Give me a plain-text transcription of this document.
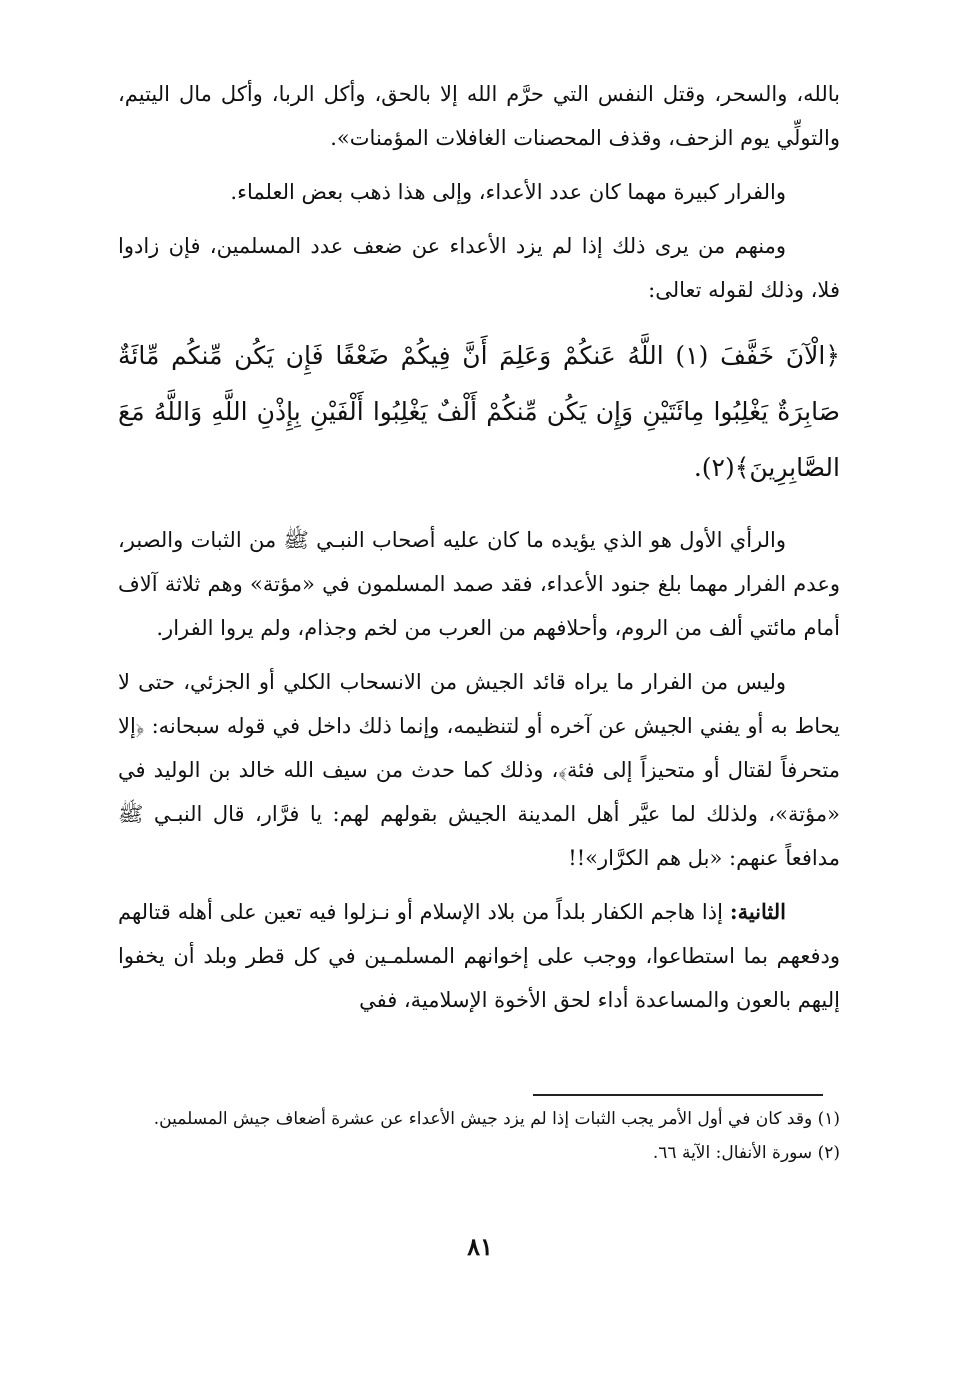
بالله، والسحر، وقتل النفس التي حرَّم الله إلا بالحق، وأكل الربا، وأكل مال اليتيم، والتولِّي يوم الزحف، وقذف المحصنات الغافلات المؤمنات».

والفرار كبيرة مهما كان عدد الأعداء، وإلى هذا ذهب بعض العلماء.

ومنهم من يرى ذلك إذا لم يزد الأعداء عن ضعف عدد المسلمين، فإن زادوا فلا، وذلك لقوله تعالى:

﴿الْآنَ خَفَّفَ (١) اللَّهُ عَنكُمْ وَعَلِمَ أَنَّ فِيكُمْ ضَعْفًا فَإِن يَكُن مِّنكُم مِّائَةٌ صَابِرَةٌ يَغْلِبُوا مِائَتَيْنِ وَإِن يَكُن مِّنكُمْ أَلْفٌ يَغْلِبُوا أَلْفَيْنِ بِإِذْنِ اللَّهِ وَاللَّهُ مَعَ الصَّابِرِينَ﴾(٢).

والرأي الأول هو الذي يؤيده ما كان عليه أصحاب النبـي ﷺ من الثبات والصبر، وعدم الفرار مهما بلغ جنود الأعداء، فقد صمد المسلمون في «مؤتة» وهم ثلاثة آلاف أمام مائتي ألف من الروم، وأحلافهم من العرب من لخم وجذام، ولم يروا الفرار.

وليس من الفرار ما يراه قائد الجيش من الانسحاب الكلي أو الجزئي، حتى لا يحاط به أو يفني الجيش عن آخره أو لتنظيمه، وإنما ذلك داخل في قوله سبحانه: ﴿إلا متحرفاً لقتال أو متحيزاً إلى فئة﴾، وذلك كما حدث من سيف الله خالد بن الوليد في «مؤتة»، ولذلك لما عيَّر أهل المدينة الجيش بقولهم لهم: يا فرَّار، قال النبـي ﷺ مدافعاً عنهم: «بل هم الكرَّار»!!

الثانية: إذا هاجم الكفار بلداً من بلاد الإسلام أو نـزلوا فيه تعين على أهله قتالهم ودفعهم بما استطاعوا، ووجب على إخوانهم المسلمـين في كل قطر وبلد أن يخفوا إليهم بالعون والمساعدة أداء لحق الأخوة الإسلامية، ففي

(١) وقد كان في أول الأمر يجب الثبات إذا لم يزد جيش الأعداء عن عشرة أضعاف جيش المسلمين.

(٢) سورة الأنفال: الآية ٦٦.

٨١
